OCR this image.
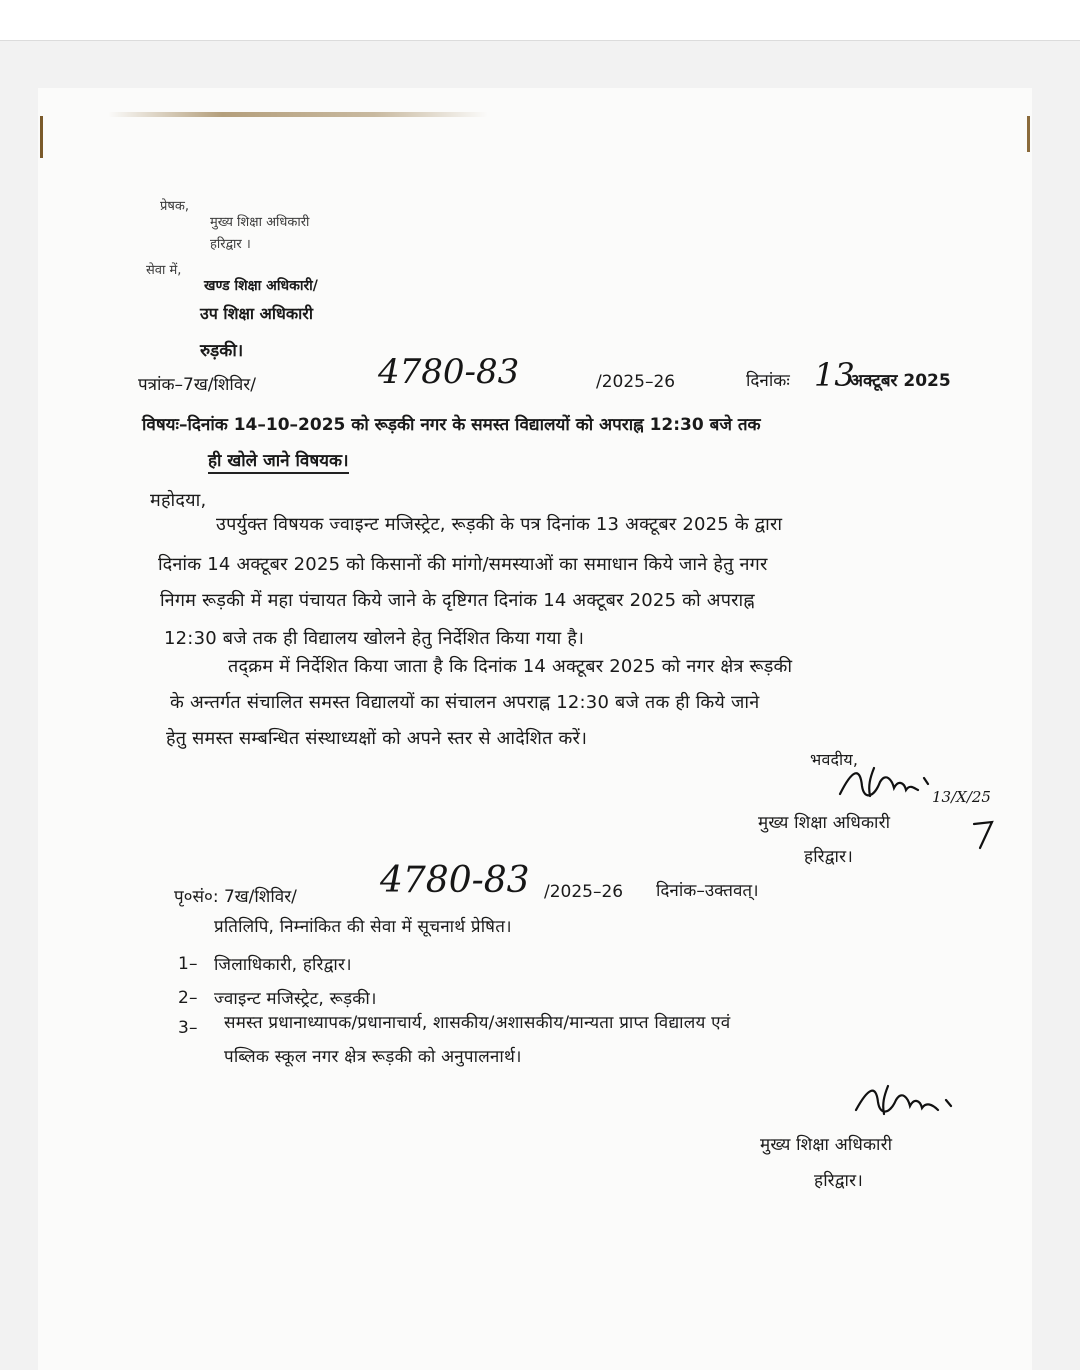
प्रेषक,
मुख्य शिक्षा अधिकारी
हरिद्वार ।
सेवा में,
खण्ड शिक्षा अधिकारी/
उप शिक्षा अधिकारी
रुड़की।
पत्रांक–7ख/शिविर/	4780-83	/2025–26	दिनांकः 13
अक्टूबर 2025
विषयः–दिनांक 14–10–2025 को रूड़की नगर के समस्त विद्यालयों को अपराह्न 12:30 बजे तक
ही खोले जाने विषयक।
महोदया,
उपर्युक्त विषयक ज्वाइन्ट मजिस्ट्रेट, रूड़की के पत्र दिनांक 13 अक्टूबर 2025 के द्वारा
दिनांक 14 अक्टूबर 2025 को किसानों की मांगो/समस्याओं का समाधान किये जाने हेतु नगर
निगम रूड़की में महा पंचायत किये जाने के दृष्टिगत दिनांक 14 अक्टूबर 2025 को अपराह्न
12:30 बजे तक ही विद्यालय खोलने हेतु निर्देशित किया गया है।
तद्क्रम में निर्देशित किया जाता है कि दिनांक 14 अक्टूबर 2025 को नगर क्षेत्र रूड़की
के अन्तर्गत संचालित समस्त विद्यालयों का संचालन अपराह्न 12:30 बजे तक ही किये जाने
हेतु समस्त सम्बन्धित संस्थाध्यक्षों को अपने स्तर से आदेशित करें।
भवदीय,
13/X/25
मुख्य शिक्षा अधिकारी
हरिद्वार।
पृ०सं०: 7ख/शिविर/ 4780-83 /2025–26 दिनांक–उक्तवत्।
प्रतिलिपि, निम्नांकित की सेवा में सूचनार्थ प्रेषित।
1– जिलाधिकारी, हरिद्वार।
2– ज्वाइन्ट मजिस्ट्रेट, रूड़की।
3– समस्त प्रधानाध्यापक/प्रधानाचार्य, शासकीय/अशासकीय/मान्यता प्राप्त विद्यालय एवं
पब्लिक स्कूल नगर क्षेत्र रूड़की को अनुपालनार्थ।
मुख्य शिक्षा अधिकारी
हरिद्वार।
